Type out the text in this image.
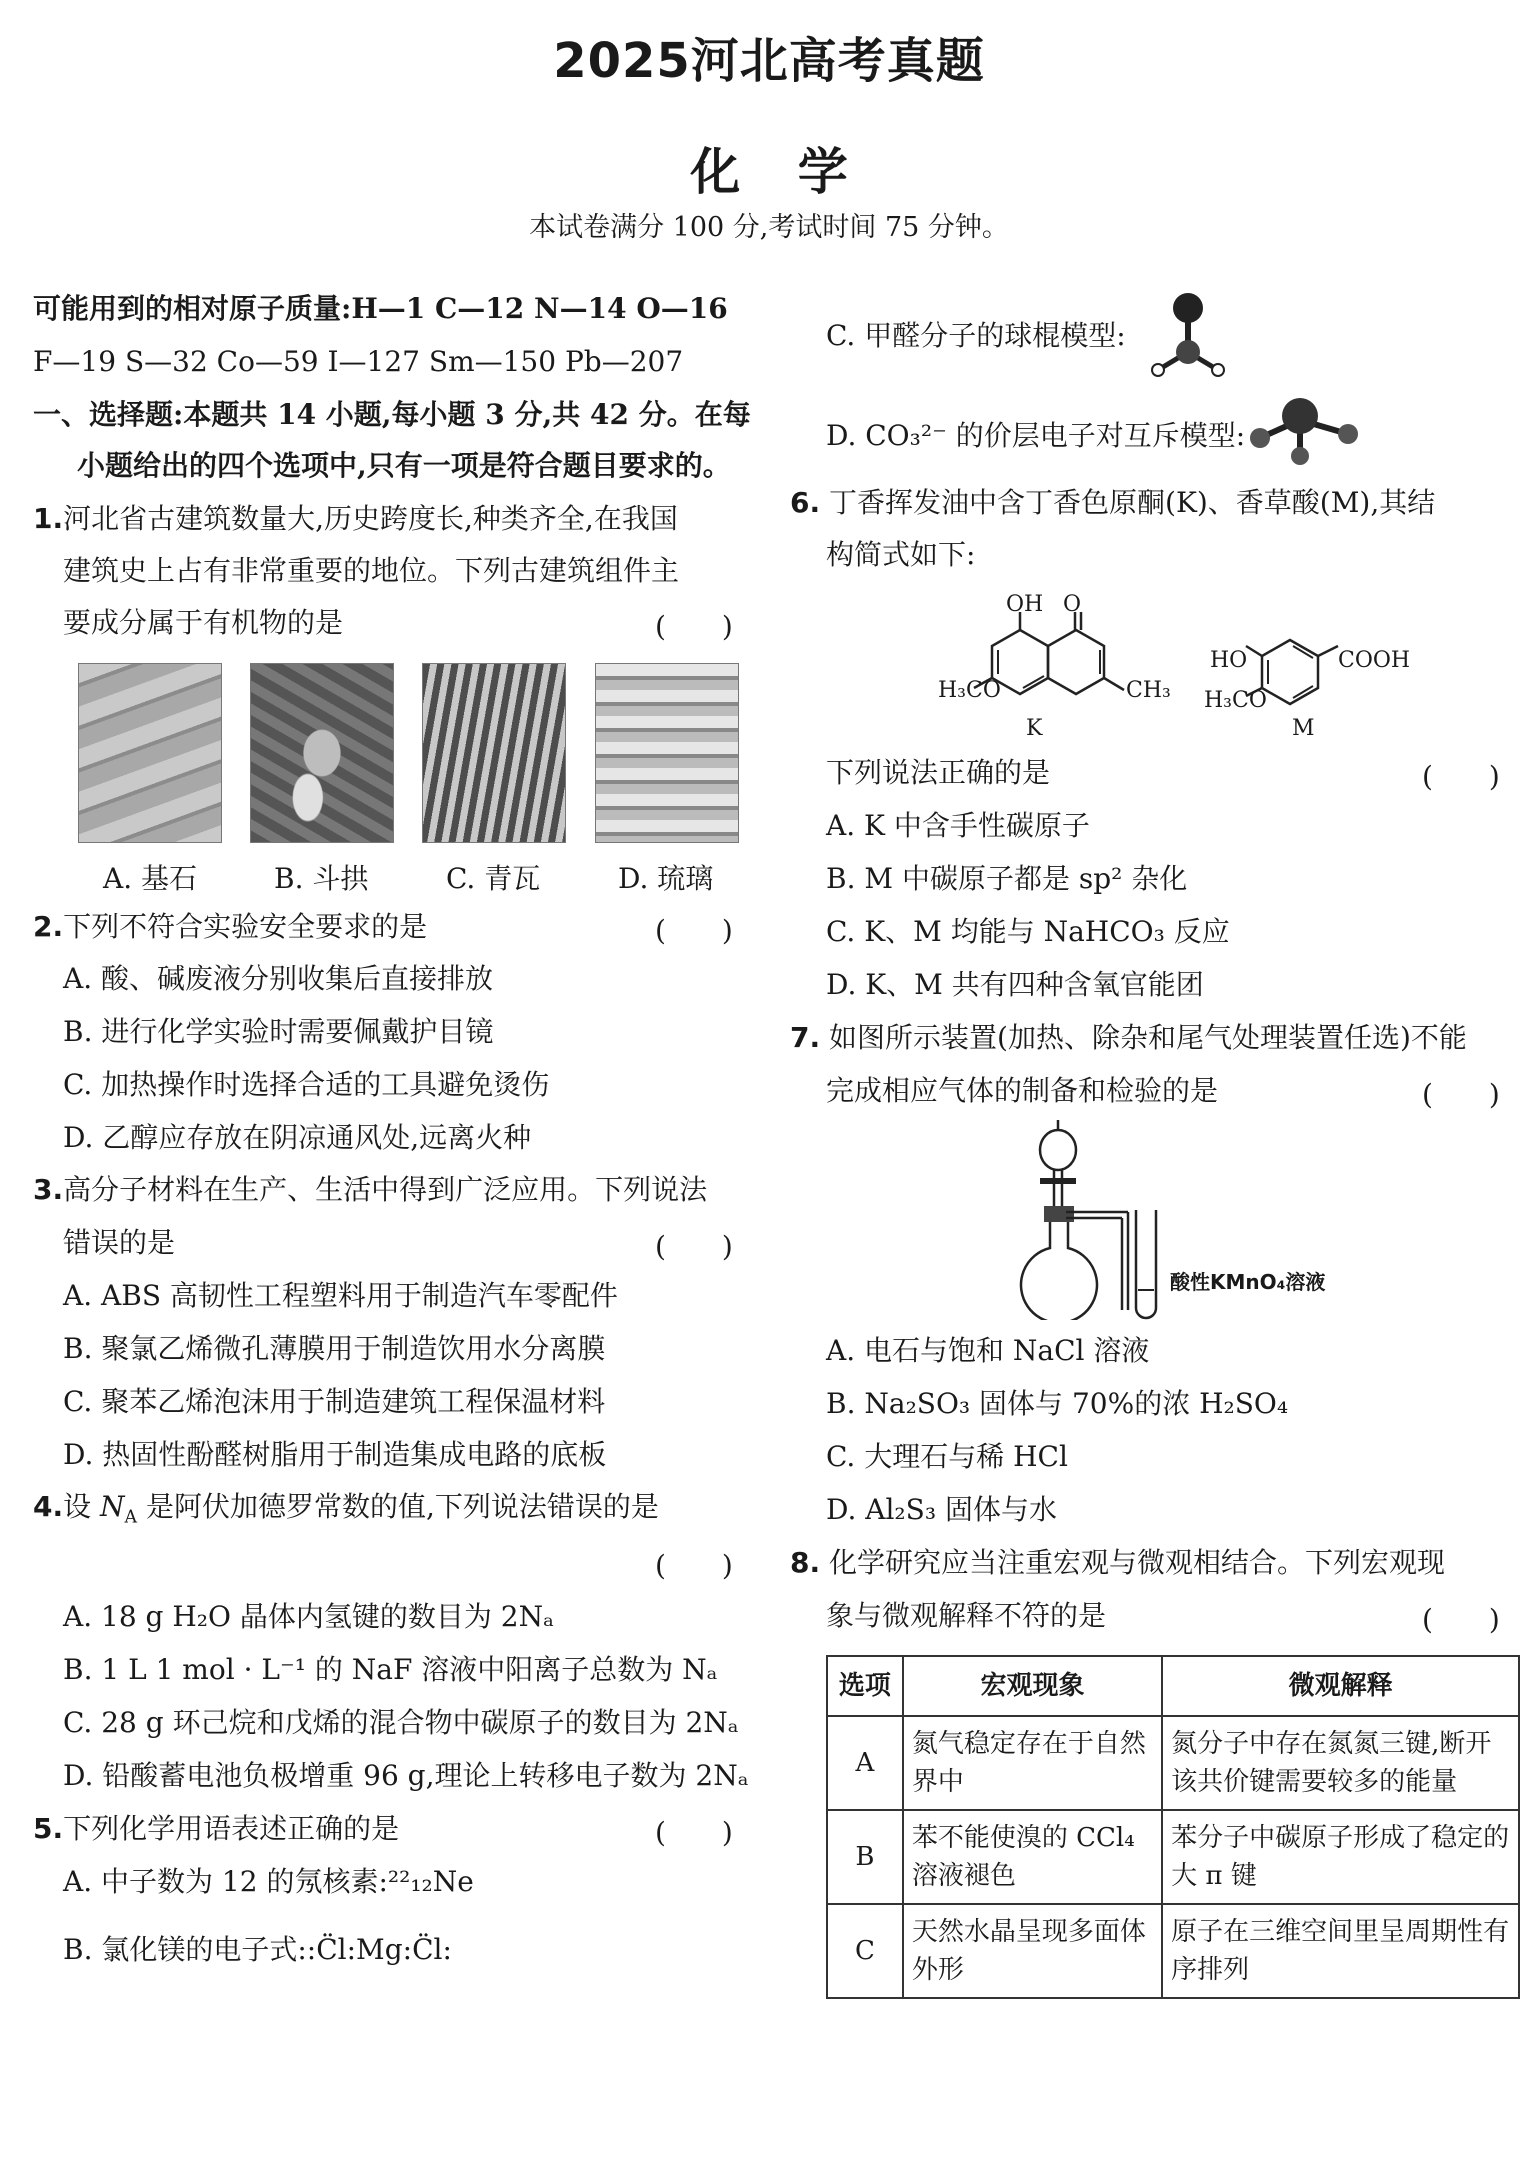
2025河北高考真题
化 学
本试卷满分 100 分,考试时间 75 分钟。
可能用到的相对原子质量:H—1 C—12 N—14 O—16
F—19 S—32 Co—59 I—127 Sm—150 Pb—207
一、选择题:本题共 14 小题,每小题 3 分,共 42 分。在每
小题给出的四个选项中,只有一项是符合题目要求的。
1.河北省古建筑数量大,历史跨度长,种类齐全,在我国
建筑史上占有非常重要的地位。下列古建筑组件主
要成分属于有机物的是	(　　)
A. 基石	B. 斗拱	C. 青瓦	D. 琉璃
2.下列不符合实验安全要求的是	(　　)
A. 酸、碱废液分别收集后直接排放
B. 进行化学实验时需要佩戴护目镜
C. 加热操作时选择合适的工具避免烫伤
D. 乙醇应存放在阴凉通风处,远离火种
3.高分子材料在生产、生活中得到广泛应用。下列说法
错误的是	(　　)
A. ABS 高韧性工程塑料用于制造汽车零配件
B. 聚氯乙烯微孔薄膜用于制造饮用水分离膜
C. 聚苯乙烯泡沫用于制造建筑工程保温材料
D. 热固性酚醛树脂用于制造集成电路的底板
4.设 $N_A$ 是阿伏加德罗常数的值,下列说法错误的是
(　　)
A. 18 g H₂O 晶体内氢键的数目为 2Nₐ
B. 1 L 1 mol · L⁻¹ 的 NaF 溶液中阳离子总数为 Nₐ
C. 28 g 环己烷和戊烯的混合物中碳原子的数目为 2Nₐ
D. 铅酸蓄电池负极增重 96 g,理论上转移电子数为 2Nₐ
5.下列化学用语表述正确的是	(　　)
A. 中子数为 12 的氖核素:²²₁₂Ne
B. 氯化镁的电子式::C̈l:Mg:C̈l:
C. 甲醛分子的球棍模型:
D. CO₃²⁻ 的价层电子对互斥模型:
6. 丁香挥发油中含丁香色原酮(K)、香草酸(M),其结
构简式如下:
OH O
H₃CO	CH₃
K
HO
H₃CO
COOH
M
下列说法正确的是	(　　)
A. K 中含手性碳原子
B. M 中碳原子都是 sp² 杂化
C. K、M 均能与 NaHCO₃ 反应
D. K、M 共有四种含氧官能团
7. 如图所示装置(加热、除杂和尾气处理装置任选)不能
完成相应气体的制备和检验的是	(　　)
酸性KMnO₄溶液
A. 电石与饱和 NaCl 溶液
B. Na₂SO₃ 固体与 70%的浓 H₂SO₄
C. 大理石与稀 HCl
D. Al₂S₃ 固体与水
8. 化学研究应当注重宏观与微观相结合。下列宏观现
象与微观解释不符的是	(　　)
选项	宏观现象	微观解释
A	氮气稳定存在于自然界中	氮分子中存在氮氮三键,断开该共价键需要较多的能量
B	苯不能使溴的 CCl₄ 溶液褪色	苯分子中碳原子形成了稳定的大 π 键
C	天然水晶呈现多面体外形	原子在三维空间里呈周期性有序排列
